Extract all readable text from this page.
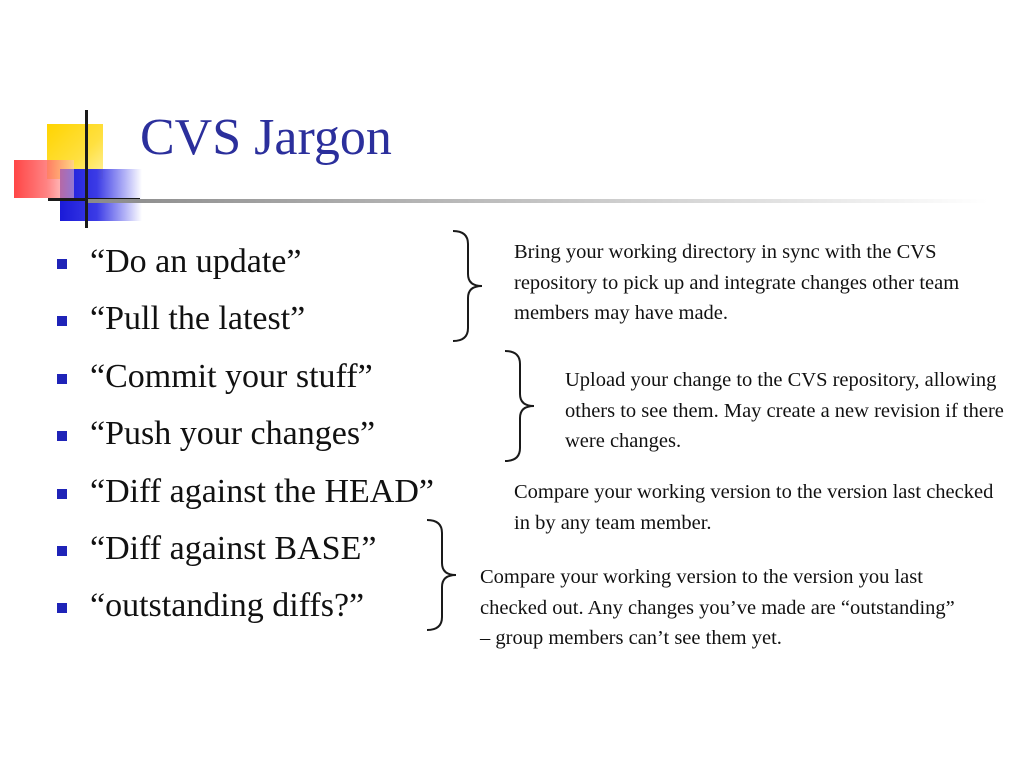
CVS Jargon
“Do an update”
“Pull the latest”
“Commit your stuff”
“Push your changes”
“Diff against the HEAD”
“Diff against BASE”
“outstanding diffs?”
Bring your working directory in sync with the CVS repository to pick up and integrate changes other team members may have made.
Upload your change to the CVS repository, allowing others to see them. May create a new revision if there were changes.
Compare your working version to the version last checked in by any team member.
Compare your working version to the version you last checked out. Any changes you’ve made are “outstanding” – group members can’t see them yet.
